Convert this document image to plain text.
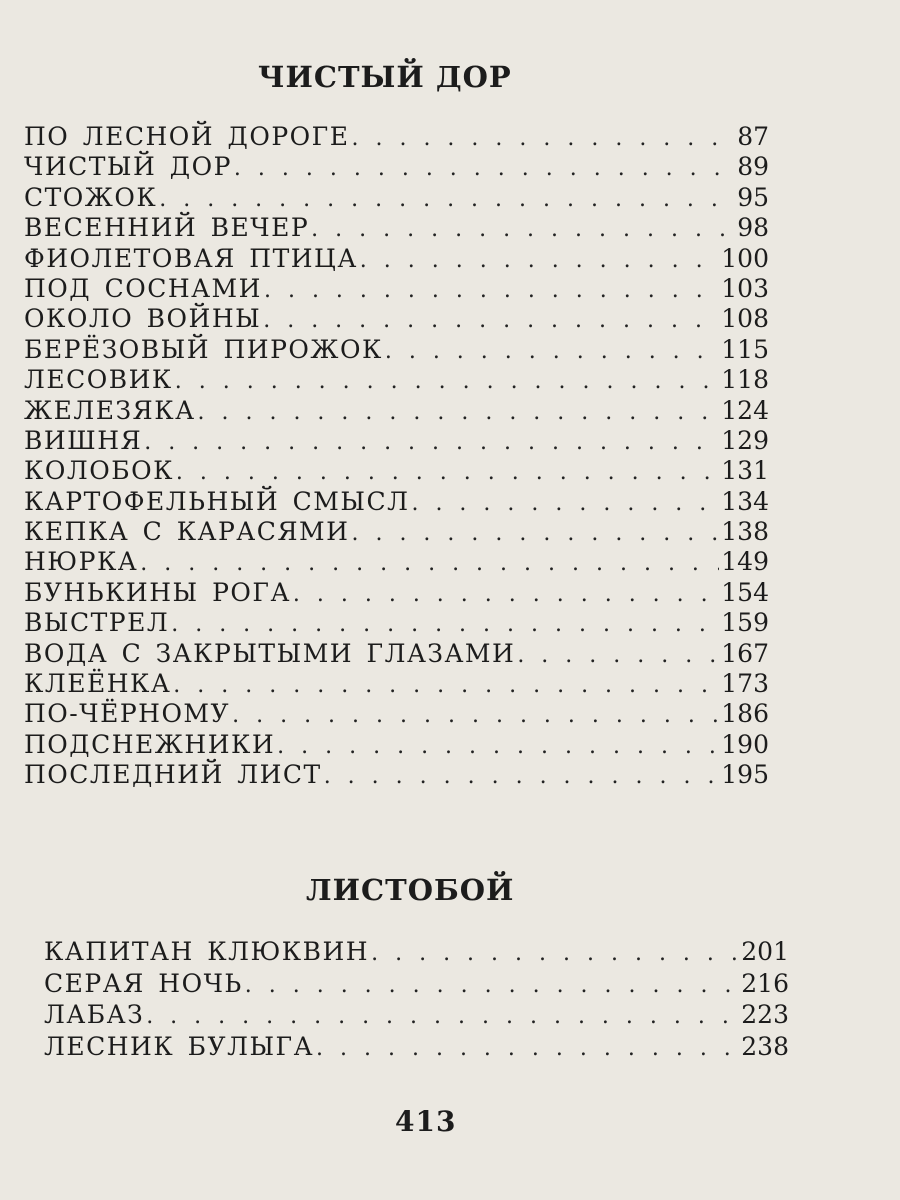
ЧИСТЫЙ ДОР
ПО ЛЕСНОЙ ДОРОГЕ . . .	87
ЧИСТЫЙ ДОР . . .	89
СТОЖОК . . .	95
ВЕСЕННИЙ ВЕЧЕР . . .	98
ФИОЛЕТОВАЯ ПТИЦА . . .	100
ПОД СОСНАМИ . . .	103
ОКОЛО ВОЙНЫ . . .	108
БЕРЁЗОВЫЙ ПИРОЖОК . . .	115
ЛЕСОВИК . . .	118
ЖЕЛЕЗЯКА . . .	124
ВИШНЯ . . .	129
КОЛОБОК . . .	131
КАРТОФЕЛЬНЫЙ СМЫСЛ . . .	134
КЕПКА С КАРАСЯМИ . . .	138
НЮРКА . . .	149
БУНЬКИНЫ РОГА . . .	154
ВЫСТРЕЛ . . .	159
ВОДА С ЗАКРЫТЫМИ ГЛАЗАМИ . . .	167
КЛЕЁНКА . . .	173
ПО-ЧЁРНОМУ . . .	186
ПОДСНЕЖНИКИ . . .	190
ПОСЛЕДНИЙ ЛИСТ . . .	195
ЛИСТОБОЙ
КАПИТАН КЛЮКВИН . . .	201
СЕРАЯ НОЧЬ . . .	216
ЛАБАЗ . . .	223
ЛЕСНИК БУЛЫГА . . .	238
413
